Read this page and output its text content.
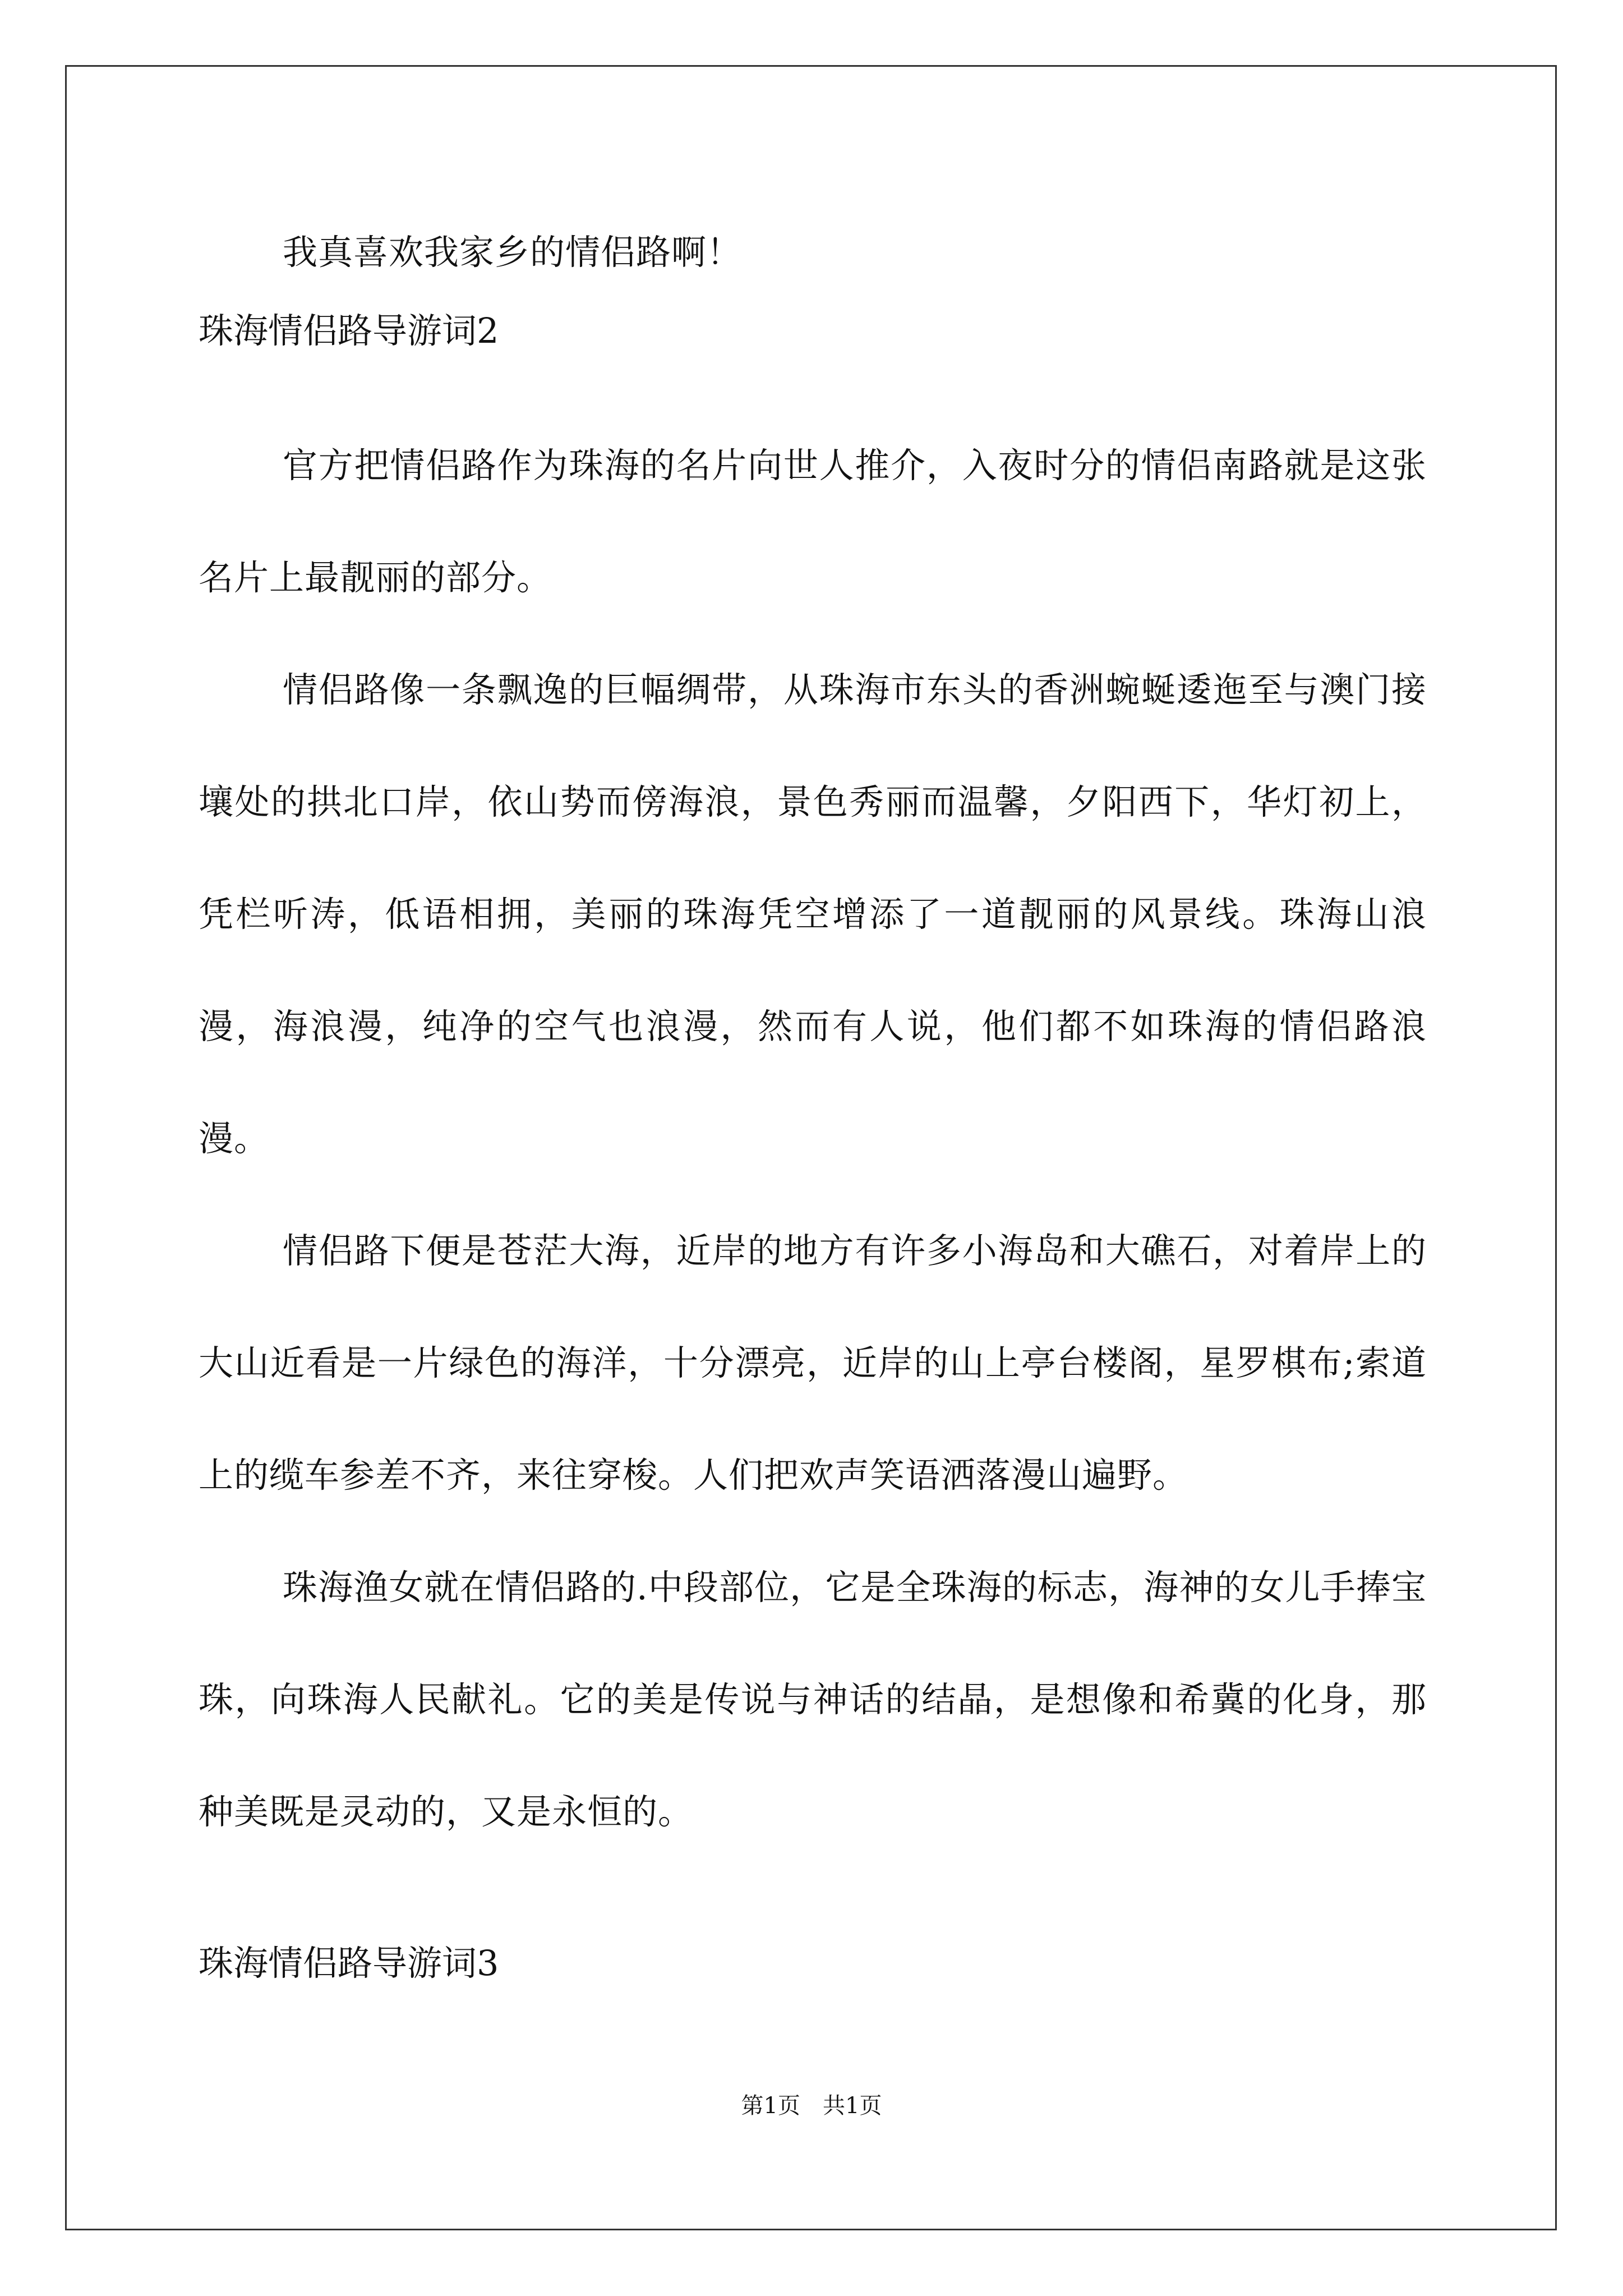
我真喜欢我家乡的情侣路啊！

珠海情侣路导游词2

官方把情侣路作为珠海的名片向世人推介，入夜时分的情侣南路就是这张名片上最靓丽的部分。

情侣路像一条飘逸的巨幅绸带，从珠海市东头的香洲蜿蜒逶迤至与澳门接壤处的拱北口岸，依山势而傍海浪，景色秀丽而温馨，夕阳西下，华灯初上，凭栏听涛，低语相拥，美丽的珠海凭空增添了一道靓丽的风景线。珠海山浪漫，海浪漫，纯净的空气也浪漫，然而有人说，他们都不如珠海的情侣路浪漫。

情侣路下便是苍茫大海，近岸的地方有许多小海岛和大礁石，对着岸上的大山近看是一片绿色的海洋，十分漂亮，近岸的山上亭台楼阁，星罗棋布;索道上的缆车参差不齐，来往穿梭。人们把欢声笑语洒落漫山遍野。

珠海渔女就在情侣路的.中段部位，它是全珠海的标志，海神的女儿手捧宝珠，向珠海人民献礼。它的美是传说与神话的结晶，是想像和希冀的化身，那种美既是灵动的，又是永恒的。

珠海情侣路导游词3

第1页　共1页
